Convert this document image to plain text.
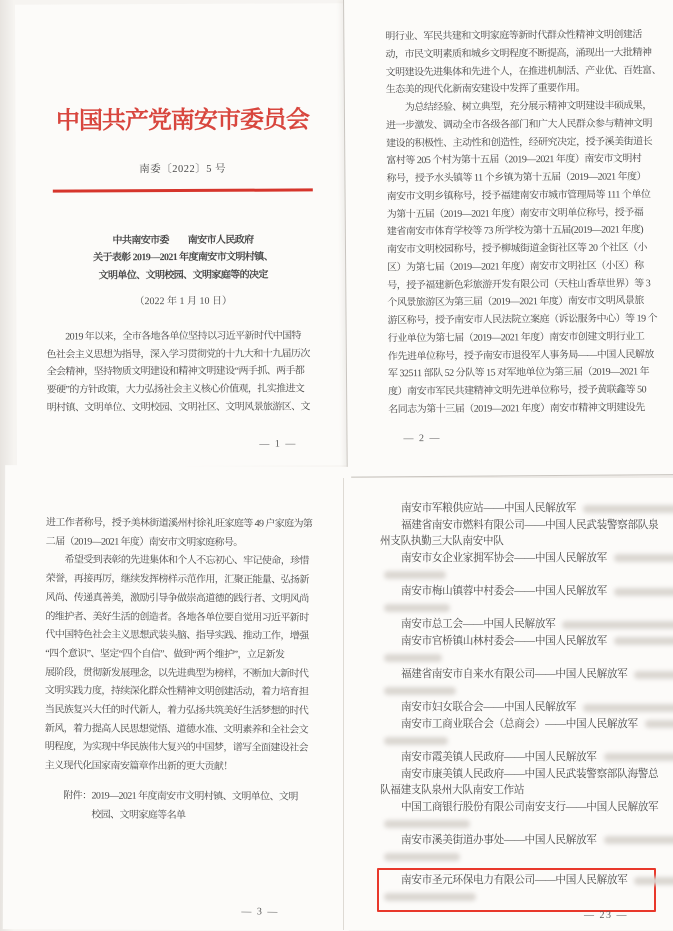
中国共产党南安市委员会
南委〔2022〕5 号
中共南安市委　　南安市人民政府
关于表彰 2019—2021 年度南安市文明村镇、
文明单位、文明校园、文明家庭等的决定
（2022 年 1 月 10 日）
　　2019 年以来，全市各地各单位坚持以习近平新时代中国特
色社会主义思想为指导，深入学习贯彻党的十九大和十九届历次
全会精神，坚持物质文明建设和精神文明建设“两手抓、两手都
要硬”的方针政策，大力弘扬社会主义核心价值观，扎实推进文
明村镇、文明单位、文明校园、文明社区、文明风景旅游区、文
— 1 —
明行业、军民共建和文明家庭等新时代群众性精神文明创建活
动，市民文明素质和城乡文明程度不断提高，涌现出一大批精神
文明建设先进集体和先进个人，在推进机制活、产业优、百姓富、
生态美的现代化新南安建设中发挥了重要作用。
　　为总结经验、树立典型，充分展示精神文明建设丰硕成果，
进一步激发、调动全市各级各部门和广大人民群众参与精神文明
建设的积极性、主动性和创造性，经研究决定，授予溪美街道长
富村等 205 个村为第十五届（2019—2021 年度）南安市文明村
称号，授予水头镇等 11 个乡镇为第十五届（2019—2021 年度）
南安市文明乡镇称号，授予福建南安市城市管理局等 111 个单位
为第十五届（2019—2021 年度）南安市文明单位称号，授予福
建省南安市体育学校等 73 所学校为第十五届(2019—2021 年度)
南安市文明校园称号，授予柳城街道金街社区等 20 个社区（小
区）为第七届（2019—2021 年度）南安市文明社区（小区）称
号，授予福建新色彩旅游开发有限公司（天柱山香草世界）等 3
个风景旅游区为第三届（2019—2021 年度）南安市文明风景旅
游区称号，授予南安市人民法院立案庭（诉讼服务中心）等 19 个
行业单位为第七届（2019—2021 年度）南安市创建文明行业工
作先进单位称号，授予南安市退役军人事务局——中国人民解放
军 32511 部队 52 分队等 15 对军地单位为第三届（2019—2021 年
度）南安市军民共建精神文明先进单位称号，授予黄联鑫等 50
名同志为第十三届（2019—2021 年度）南安市精神文明建设先
— 2 —
进工作者称号，授予美林街道溪州村徐礼旺家庭等 49 户家庭为第
二届（2019—2021 年度）南安市文明家庭称号。
　　希望受到表彰的先进集体和个人不忘初心、牢记使命，珍惜
荣誉，再接再厉，继续发挥榜样示范作用，汇聚正能量、弘扬新
风尚、传递真善美，激励引导争做崇高道德的践行者、文明风尚
的维护者、美好生活的创造者。各地各单位要自觉用习近平新时
代中国特色社会主义思想武装头脑、指导实践、推动工作，增强
“四个意识”、坚定“四个自信”、做到“两个维护”，立足新发
展阶段，贯彻新发展理念，以先进典型为榜样，不断加大新时代
文明实践力度，持续深化群众性精神文明创建活动，着力培育担
当民族复兴大任的时代新人，着力弘扬共筑美好生活梦想的时代
新风，着力提高人民思想觉悟、道德水准、文明素养和全社会文
明程度，为实现中华民族伟大复兴的中国梦，谱写全面建设社会
主义现代化国家南安篇章作出新的更大贡献！
　　附件：2019—2021 年度南安市文明村镇、文明单位、文明
　　　　　校园、文明家庭等名单
— 3 —
南安市军粮供应站——中国人民解放军
福建省南安市燃料有限公司——中国人民武装警察部队泉
州支队执勤三大队南安中队
南安市女企业家拥军协会——中国人民解放军
南安市梅山镇蓉中村委会——中国人民解放军
南安市总工会——中国人民解放军
南安市官桥镇山林村委会——中国人民解放军
福建省南安市自来水有限公司——中国人民解放军
南安市妇女联合会——中国人民解放军
南安市工商业联合会（总商会）——中国人民解放军
南安市霞美镇人民政府——中国人民解放军
南安市康美镇人民政府——中国人民武装警察部队海警总
队福建支队泉州大队南安工作站
中国工商银行股份有限公司南安支行——中国人民解放军
南安市溪美街道办事处——中国人民解放军
南安市圣元环保电力有限公司——中国人民解放军
— 23 —
